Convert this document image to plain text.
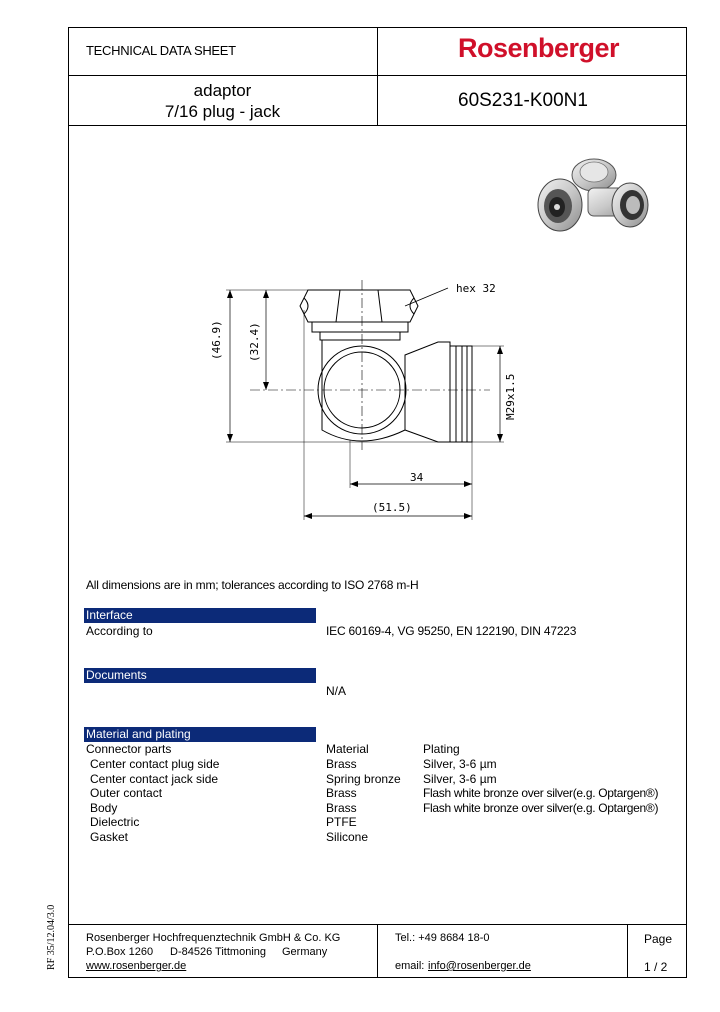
TECHNICAL DATA SHEET	Rosenberger
adaptor
7/16 plug - jack
60S231-K00N1
hex 32
(46.9) (32.4)
M29x1.5
34
(51.5)
All dimensions are in mm; tolerances according to ISO 2768 m-H
Interface
According to	IEC 60169-4, VG 95250, EN 122190, DIN 47223
Documents
N/A
Material and plating
Connector parts	Material	Plating
Center contact plug side	Brass	Silver, 3-6 µm
Center contact jack side	Spring bronze	Silver, 3-6 µm
Outer contact	Brass	Flash white bronze over silver(e.g. Optargen®)
Body	Brass	Flash white bronze over silver(e.g. Optargen®)
Dielectric	PTFE
Gasket	Silicone
Rosenberger Hochfrequenztechnik GmbH & Co. KG
P.O.Box 1260 D-84526 Tittmoning Germany
www.rosenberger.de
Tel.: +49 8684 18-0
email: info@rosenberger.de
Page
1 / 2
RF 35/12.04/3.0
